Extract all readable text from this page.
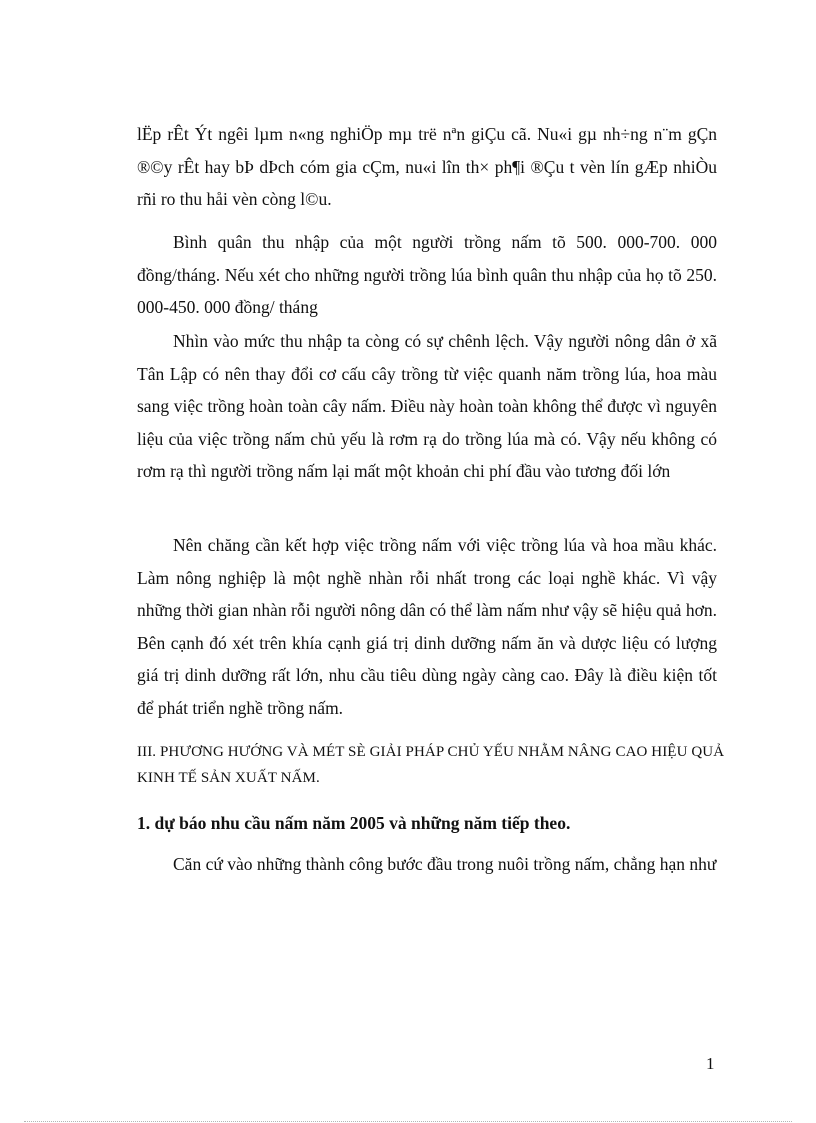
lËp rÊt Ýt ngêi lµm n«ng nghiÖp mµ trë nªn giÇu cã. Nu«i gµ nh÷ng n¨m gÇn ®©y rÊt hay bÞ dÞch cóm gia cÇm, nu«i lîn th× ph¶i ®Çu t vèn lín gÆp nhiÒu rñi ro thu håi vèn còng l©u.

Bình quân thu nhập của một người trồng nấm tõ 500. 000-700. 000 đồng/tháng. Nếu xét cho những người trồng lúa bình quân thu nhập của họ tõ 250. 000-450. 000 đồng/ tháng

Nhìn vào mức thu nhập ta còng có sự chênh lệch. Vậy người nông dân ở xã Tân Lập có nên thay đổi cơ cấu cây trồng từ việc quanh năm trồng lúa, hoa màu sang việc trồng hoàn toàn cây nấm. Điều này hoàn toàn không thể được vì nguyên liệu của việc trồng nấm chủ yếu là rơm rạ do trồng lúa mà có. Vậy nếu không có rơm rạ thì người trồng nấm lại mất một khoản chi phí đầu vào tương đối lớn

Nên chăng cần kết hợp việc trồng nấm với việc trồng lúa và hoa mầu khác. Làm nông nghiệp là một nghề nhàn rỗi nhất trong các loại nghề khác. Vì vậy những thời gian nhàn rỗi người nông dân có thể làm nấm như vậy sẽ hiệu quả hơn. Bên cạnh đó xét trên khía cạnh giá trị dinh dưỡng nấm ăn và dược liệu có lượng giá trị dinh dưỡng rất lớn, nhu cầu tiêu dùng ngày càng cao. Đây là điều kiện tốt để phát triển nghề trồng nấm.

III. PHƯƠNG HƯỚNG VÀ MÉT SÈ GIẢI PHÁP CHỦ YẾU NHẰM NÂNG CAO HIỆU QUẢ KINH TẾ SẢN XUẤT NẤM.

1. dự báo nhu cầu nấm năm 2005 và những năm tiếp theo.

Căn cứ vào những thành công bước đầu trong nuôi trồng nấm, chẳng hạn như

1
